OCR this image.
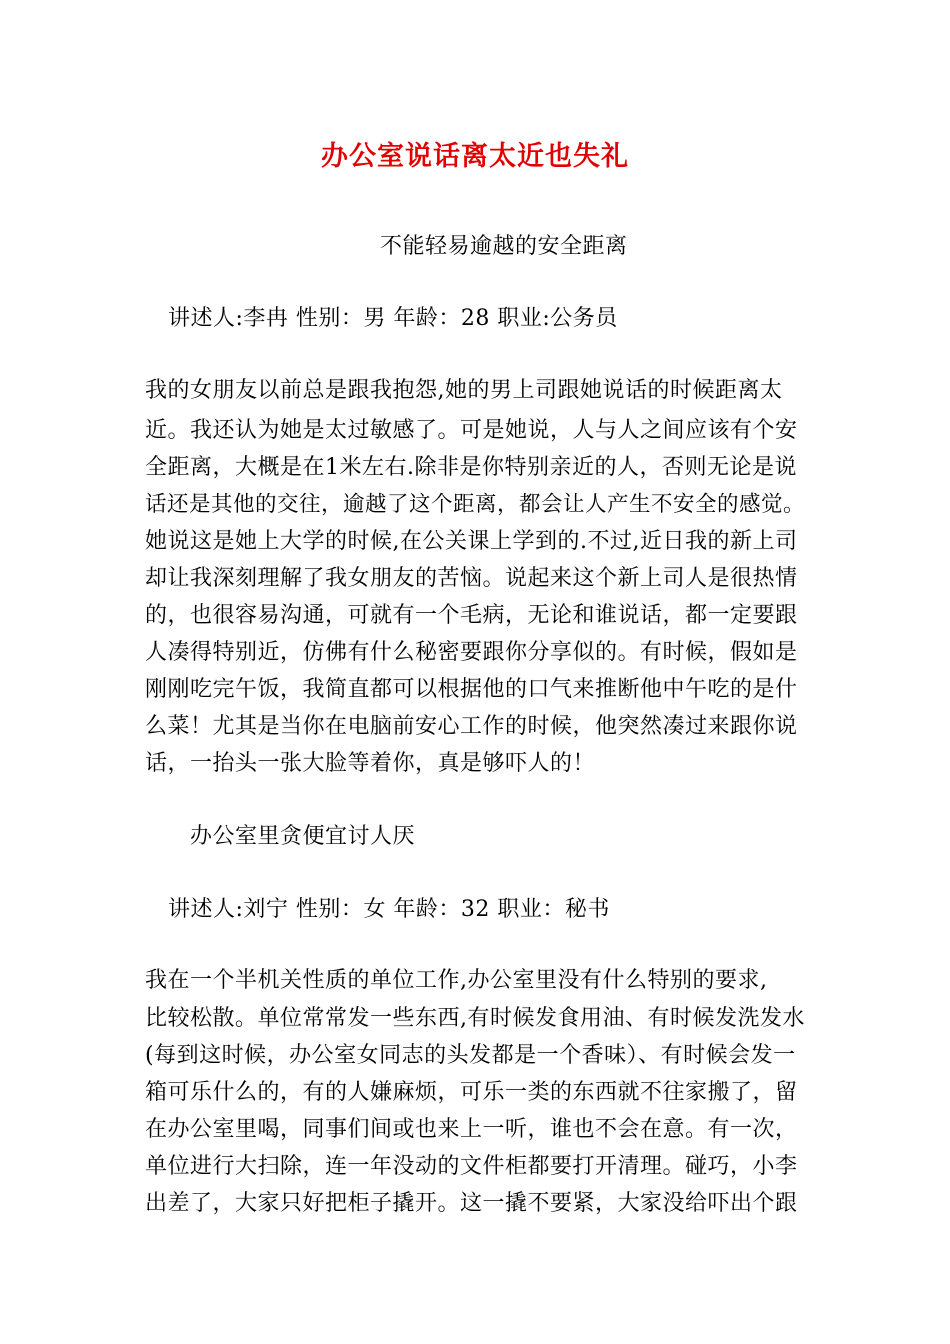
办公室说话离太近也失礼
不能轻易逾越的安全距离
讲述人:李冉 性别：男 年龄：28 职业:公务员
我的女朋友以前总是跟我抱怨,她的男上司跟她说话的时候距离太
近。我还认为她是太过敏感了。可是她说，人与人之间应该有个安
全距离，大概是在1米左右.除非是你特别亲近的人，否则无论是说
话还是其他的交往，逾越了这个距离，都会让人产生不安全的感觉。
她说这是她上大学的时候,在公关课上学到的.不过,近日我的新上司
却让我深刻理解了我女朋友的苦恼。说起来这个新上司人是很热情
的，也很容易沟通，可就有一个毛病，无论和谁说话，都一定要跟
人凑得特别近，仿佛有什么秘密要跟你分享似的。有时候，假如是
刚刚吃完午饭，我简直都可以根据他的口气来推断他中午吃的是什
么菜！尤其是当你在电脑前安心工作的时候，他突然凑过来跟你说
话，一抬头一张大脸等着你，真是够吓人的！
办公室里贪便宜讨人厌
讲述人:刘宁 性别：女 年龄：32 职业：秘书
我在一个半机关性质的单位工作,办公室里没有什么特别的要求,
比较松散。单位常常发一些东西,有时候发食用油、有时候发洗发水
(每到这时候，办公室女同志的头发都是一个香味）、有时候会发一
箱可乐什么的，有的人嫌麻烦，可乐一类的东西就不往家搬了，留
在办公室里喝，同事们间或也来上一听，谁也不会在意。有一次，
单位进行大扫除，连一年没动的文件柜都要打开清理。碰巧，小李
出差了，大家只好把柜子撬开。这一撬不要紧，大家没给吓出个跟
